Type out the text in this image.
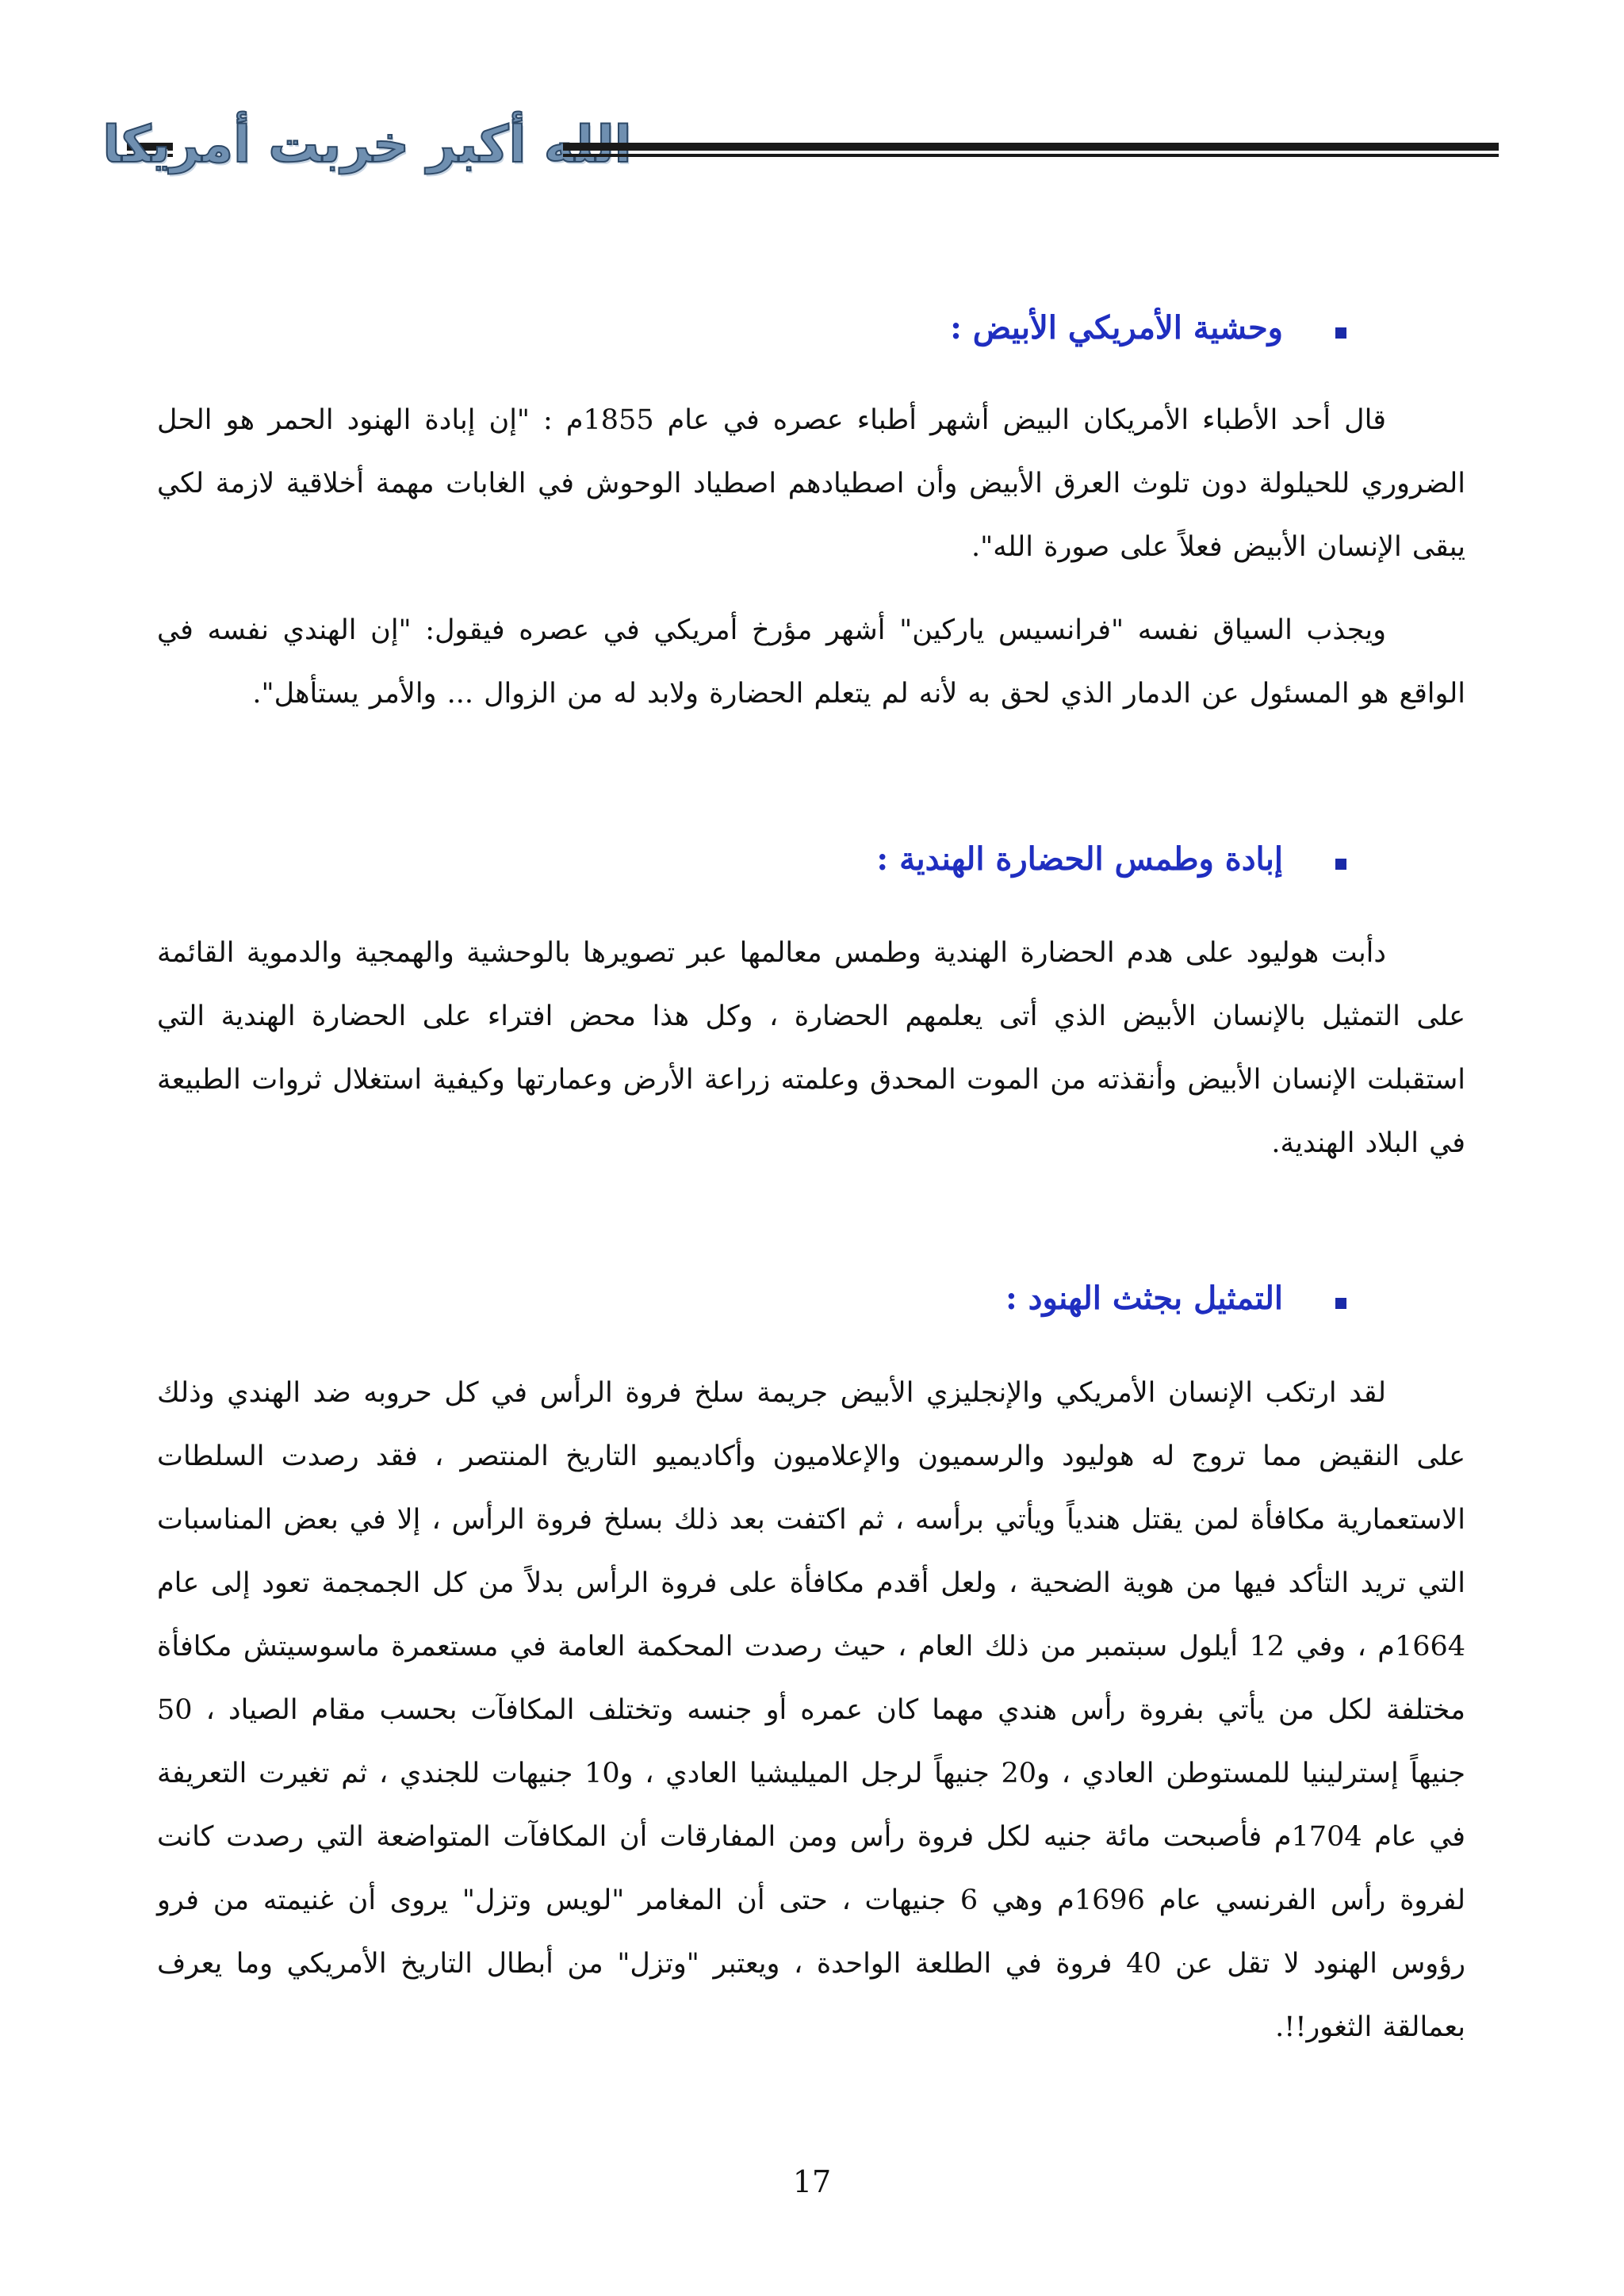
الله أكبر خربت أمريكا
وحشية الأمريكي الأبيض :

قال أحد الأطباء الأمريكان البيض أشهر أطباء عصره في عام 1855م : "إن إبادة الهنود الحمر هو الحل الضروري للحيلولة دون تلوث العرق الأبيض وأن اصطيادهم اصطياد الوحوش في الغابات مهمة أخلاقية لازمة لكي يبقى الإنسان الأبيض فعلاً على صورة الله".

ويجذب السياق نفسه "فرانسيس ياركين" أشهر مؤرخ أمريكي في عصره فيقول: "إن الهندي نفسه في الواقع هو المسئول عن الدمار الذي لحق به لأنه لم يتعلم الحضارة ولابد له من الزوال ... والأمر يستأهل".

إبادة وطمس الحضارة الهندية :

دأبت هوليود على هدم الحضارة الهندية وطمس معالمها عبر تصويرها بالوحشية والهمجية والدموية القائمة على التمثيل بالإنسان الأبيض الذي أتى يعلمهم الحضارة ، وكل هذا محض افتراء على الحضارة الهندية التي استقبلت الإنسان الأبيض وأنقذته من الموت المحدق وعلمته زراعة الأرض وعمارتها وكيفية استغلال ثروات الطبيعة في البلاد الهندية.

التمثيل بجثث الهنود :

لقد ارتكب الإنسان الأمريكي والإنجليزي الأبيض جريمة سلخ فروة الرأس في كل حروبه ضد الهندي وذلك على النقيض مما تروج له هوليود والرسميون والإعلاميون وأكاديميو التاريخ المنتصر ، فقد رصدت السلطات الاستعمارية مكافأة لمن يقتل هندياً ويأتي برأسه ، ثم اكتفت بعد ذلك بسلخ فروة الرأس ، إلا في بعض المناسبات التي تريد التأكد فيها من هوية الضحية ، ولعل أقدم مكافأة على فروة الرأس بدلاً من كل الجمجمة تعود إلى عام 1664م ، وفي 12 أيلول سبتمبر من ذلك العام ، حيث رصدت المحكمة العامة في مستعمرة ماسوسيتش مكافأة مختلفة لكل من يأتي بفروة رأس هندي مهما كان عمره أو جنسه وتختلف المكافآت بحسب مقام الصياد ، 50 جنيهاً إسترلينيا للمستوطن العادي ، و20 جنيهاً لرجل الميليشيا العادي ، و10 جنيهات للجندي ، ثم تغيرت التعريفة في عام 1704م فأصبحت مائة جنيه لكل فروة رأس ومن المفارقات أن المكافآت المتواضعة التي رصدت كانت لفروة رأس الفرنسي عام 1696م وهي 6 جنيهات ، حتى أن المغامر "لويس وتزل" يروى أن غنيمته من فرو رؤوس الهنود لا تقل عن 40 فروة في الطلعة الواحدة ، ويعتبر "وتزل" من أبطال التاريخ الأمريكي وما يعرف بعمالقة الثغور!!.

17
